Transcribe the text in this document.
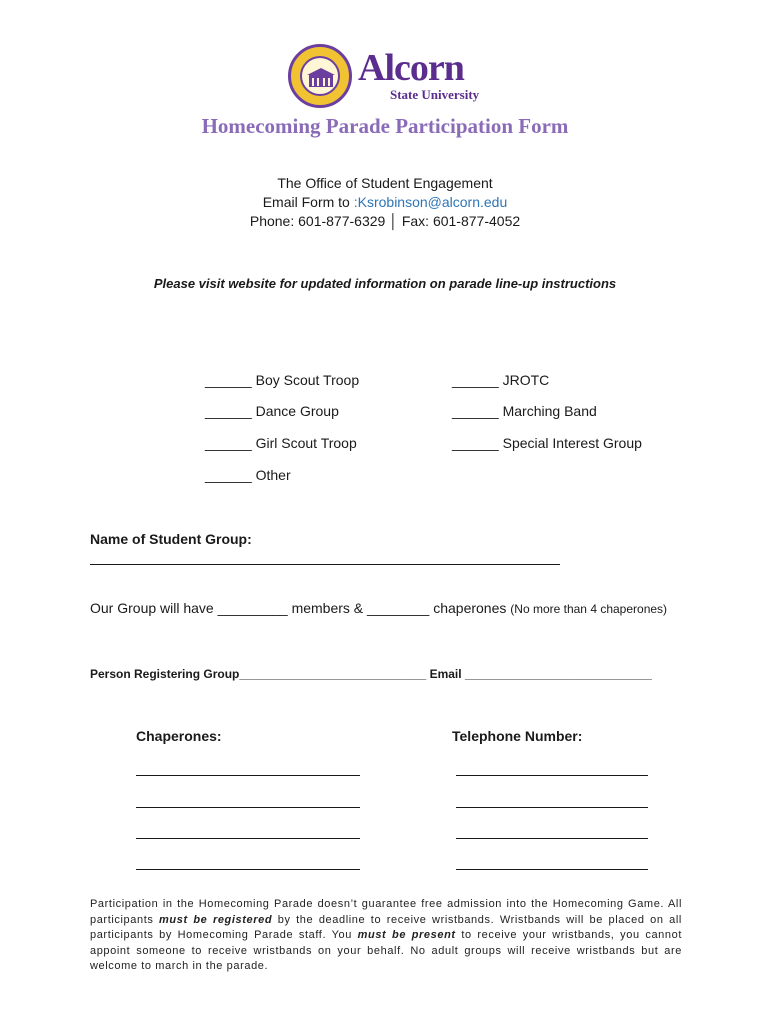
Alcorn
State University
Homecoming Parade Participation Form
The Office of Student Engagement
Email Form to :Ksrobinson@alcorn.edu
Phone: 601-877-6329 │ Fax: 601-877-4052
Please visit website for updated information on parade line-up instructions
______ Boy Scout Troop	______ JROTC
______ Dance Group	______ Marching Band
______ Girl Scout Troop	______ Special Interest Group
______ Other
Name of Student Group:
Our Group will have _________ members & ________ chaperones (No more than 4 chaperones)
Person Registering Group____________________________ Email ____________________________
Chaperones:	Telephone Number:
Participation in the Homecoming Parade doesn’t guarantee free admission into the Homecoming Game. All participants must be registered by the deadline to receive wristbands. Wristbands will be placed on all participants by Homecoming Parade staff. You must be present to receive your wristbands, you cannot appoint someone to receive wristbands on your behalf. No adult groups will receive wristbands but are welcome to march in the parade.
